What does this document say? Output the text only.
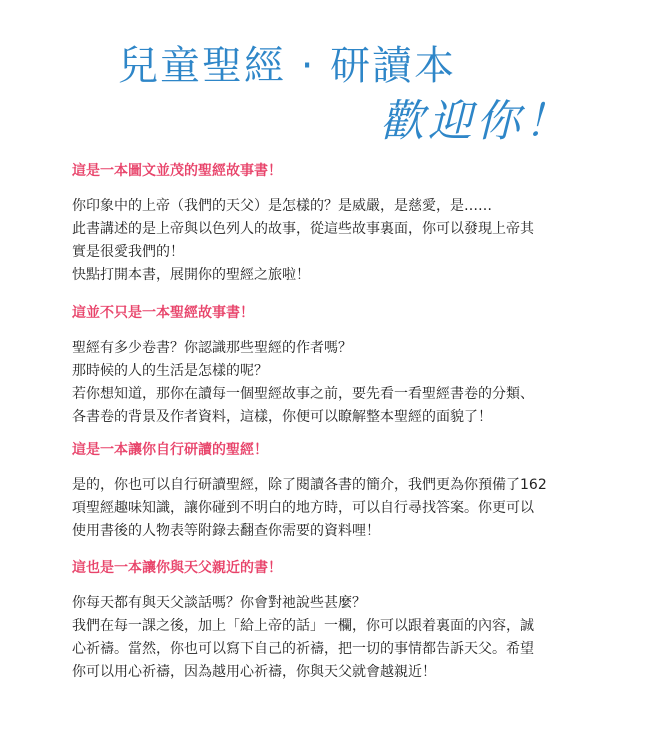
兒童聖經 · 研讀本
歡迎你！
這是一本圖文並茂的聖經故事書！
你印象中的上帝（我們的天父）是怎樣的？是威嚴，是慈愛，是……
此書講述的是上帝與以色列人的故事，從這些故事裏面，你可以發現上帝其
實是很愛我們的！
快點打開本書，展開你的聖經之旅啦！
這並不只是一本聖經故事書！
聖經有多少卷書？你認識那些聖經的作者嗎？
那時候的人的生活是怎樣的呢？
若你想知道，那你在讀每一個聖經故事之前，要先看一看聖經書卷的分類、
各書卷的背景及作者資料，這樣，你便可以瞭解整本聖經的面貌了！
這是一本讓你自行研讀的聖經！
是的，你也可以自行研讀聖經，除了閱讀各書的簡介，我們更為你預備了162
項聖經趣味知識，讓你碰到不明白的地方時，可以自行尋找答案。你更可以
使用書後的人物表等附錄去翻查你需要的資料哩！
這也是一本讓你與天父親近的書！
你每天都有與天父談話嗎？你會對祂說些甚麼？
我們在每一課之後，加上「給上帝的話」一欄，你可以跟着裏面的內容，誠
心祈禱。當然，你也可以寫下自己的祈禱，把一切的事情都告訴天父。希望
你可以用心祈禱，因為越用心祈禱，你與天父就會越親近！
